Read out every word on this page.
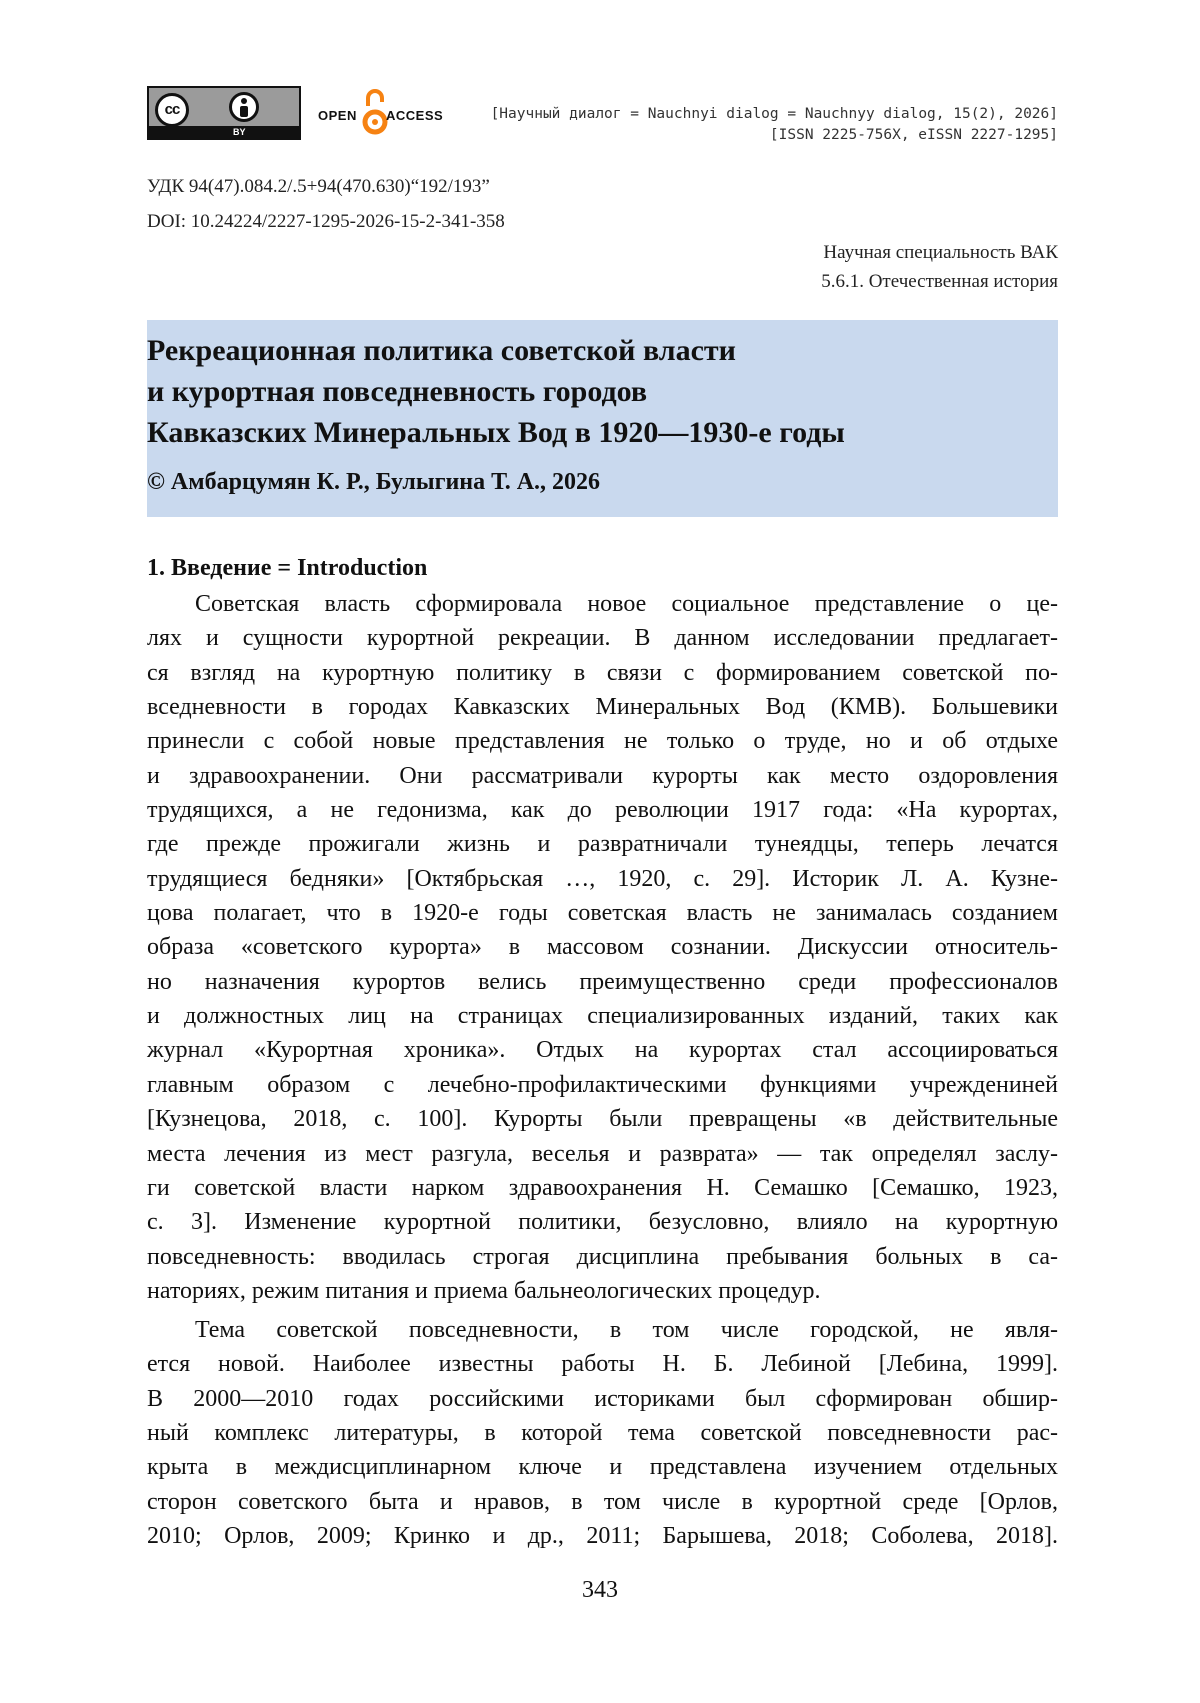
cc
BY
OPEN ACCESS	[Научный диалог = Nauchnyi dialog = Nauchnyy dialog, 15(2), 2026]
[ISSN 2225-756X, eISSN 2227-1295]
УДК 94(47).084.2/.5+94(470.630)“192/193”
DOI: 10.24224/2227-1295-2026-15-2-341-358
Научная специальность ВАК
5.6.1. Отечественная история
Рекреационная политика советской власти
и курортная повседневность городов
Кавказских Минеральных Вод в 1920—1930-е годы
© Амбарцумян К. Р., Булыгина Т. А., 2026
1. Введение = Introduction
Советская власть сформировала новое социальное представление о це-
лях и сущности курортной рекреации. В данном исследовании предлагает-
ся взгляд на курортную политику в связи с формированием советской по-
вседневности в городах Кавказских Минеральных Вод (КМВ). Большевики
принесли с собой новые представления не только о труде, но и об отдыхе
и здравоохранении. Они рассматривали курорты как место оздоровления
трудящихся, а не гедонизма, как до революции 1917 года: «На курортах,
где прежде прожигали жизнь и развратничали тунеядцы, теперь лечатся
трудящиеся бедняки» [Октябрьская …, 1920, с. 29]. Историк Л. А. Кузне-
цова полагает, что в 1920-е годы советская власть не занималась созданием
образа «советского курорта» в массовом сознании. Дискуссии относитель-
но назначения курортов велись преимущественно среди профессионалов
и должностных лиц на страницах специализированных изданий, таких как
журнал «Курортная хроника». Отдых на курортах стал ассоциироваться
главным образом с лечебно-профилактическими функциями учреждениней
[Кузнецова, 2018, с. 100]. Курорты были превращены «в действительные
места лечения из мест разгула, веселья и разврата» — так определял заслу-
ги советской власти нарком здравоохранения Н. Семашко [Семашко, 1923,
с. 3]. Изменение курортной политики, безусловно, влияло на курортную
повседневность: вводилась строгая дисциплина пребывания больных в са-
наториях, режим питания и приема бальнеологических процедур.
Тема советской повседневности, в том числе городской, не явля-
ется новой. Наиболее известны работы Н. Б. Лебиной [Лебина, 1999].
В 2000—2010 годах российскими историками был сформирован обшир-
ный комплекс литературы, в которой тема советской повседневности рас-
крыта в междисциплинарном ключе и представлена изучением отдельных
сторон советского быта и нравов, в том числе в курортной среде [Орлов,
2010; Орлов, 2009; Кринко и др., 2011; Барышева, 2018; Соболева, 2018].
343
